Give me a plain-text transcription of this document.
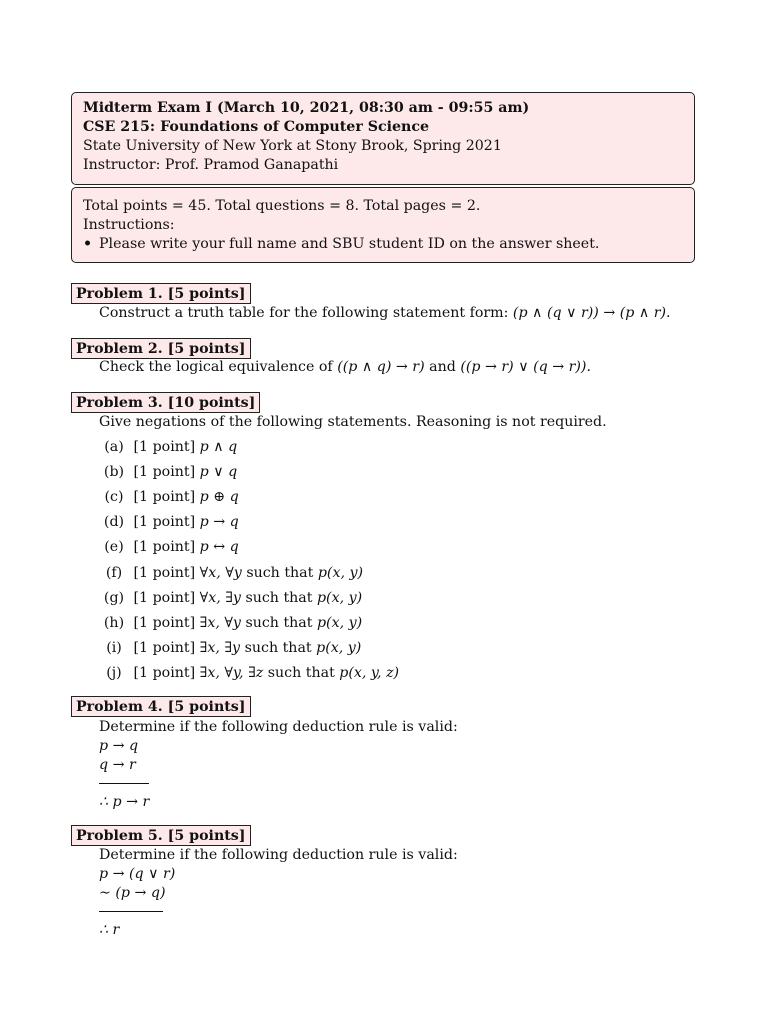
Midterm Exam I (March 10, 2021, 08:30 am - 09:55 am)
CSE 215: Foundations of Computer Science
State University of New York at Stony Brook, Spring 2021
Instructor: Prof. Pramod Ganapathi
Total points = 45. Total questions = 8. Total pages = 2.
Instructions:
• Please write your full name and SBU student ID on the answer sheet.
Problem 1. [5 points]
Construct a truth table for the following statement form: (p ∧ (q ∨ r)) → (p ∧ r).
Problem 2. [5 points]
Check the logical equivalence of ((p ∧ q) → r) and ((p → r) ∨ (q → r)).
Problem 3. [10 points]
Give negations of the following statements. Reasoning is not required.
(a) [1 point] p ∧ q
(b) [1 point] p ∨ q
(c) [1 point] p ⊕ q
(d) [1 point] p → q
(e) [1 point] p ↔ q
(f) [1 point] ∀x, ∀y such that p(x, y)
(g) [1 point] ∀x, ∃y such that p(x, y)
(h) [1 point] ∃x, ∀y such that p(x, y)
(i) [1 point] ∃x, ∃y such that p(x, y)
(j) [1 point] ∃x, ∀y, ∃z such that p(x, y, z)
Problem 4. [5 points]
Determine if the following deduction rule is valid:
p → q
q → r
∴ p → r
Problem 5. [5 points]
Determine if the following deduction rule is valid:
p → (q ∨ r)
∼ (p → q)
∴ r
